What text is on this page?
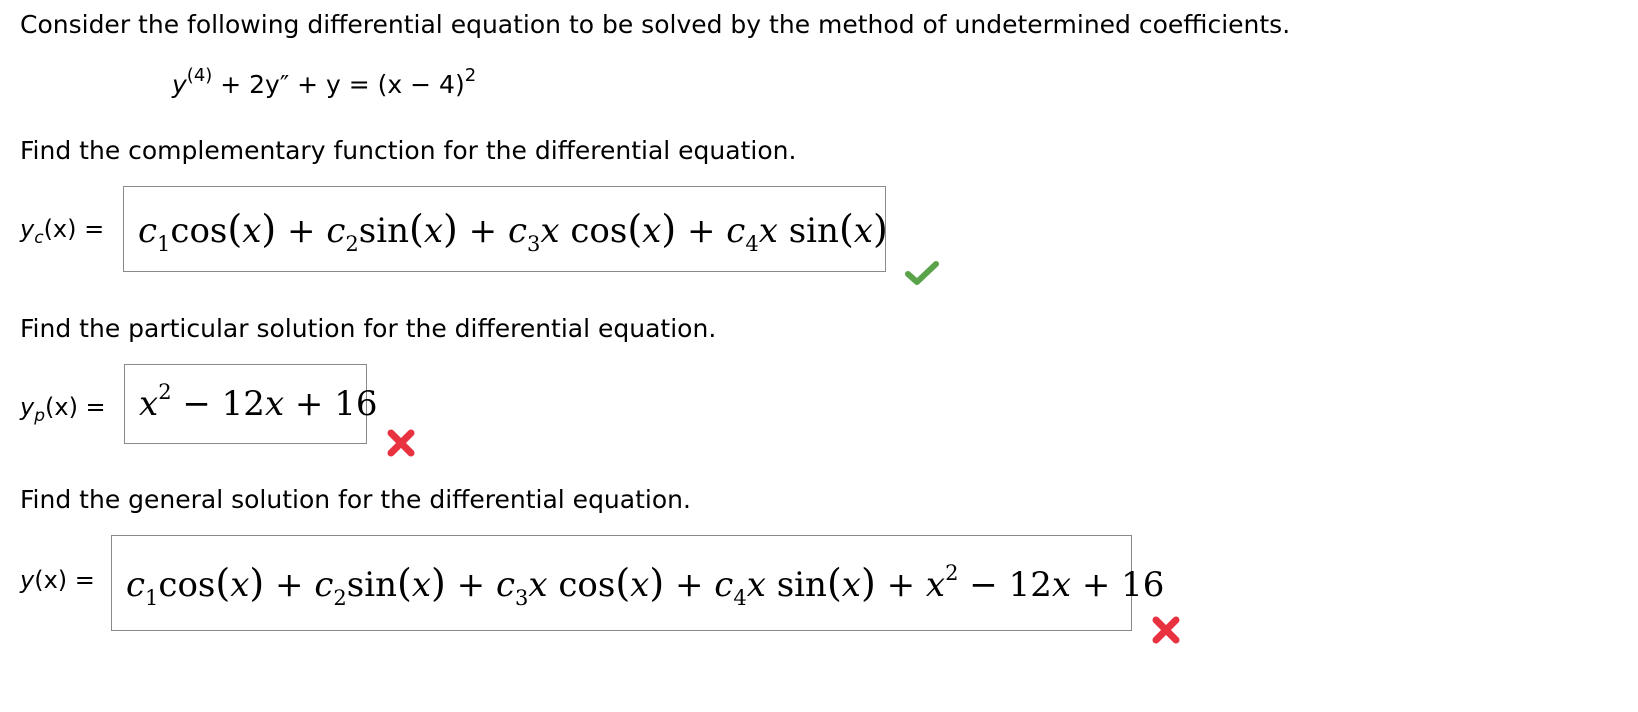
Consider the following differential equation to be solved by the method of undetermined coefficients.
$y^{(4)} + 2y'' + y = (x - 4)^2$
Find the complementary function for the differential equation.
$y_c(x) = c_1\cos(x) + c_2\sin(x) + c_3x$ $\cos(x) + c_4x$ sin(x)
Find the particular solution for the differential equation.
$y_p(x) = x^2 - 12x + 16$
Find the general solution for the differential equation.
$y(x) = c_1\cos(x) + c_2\sin(x) + c_3x$ $\cos(x) + c_4x$ $\sin(x) + x^2 - 12x + 16$
